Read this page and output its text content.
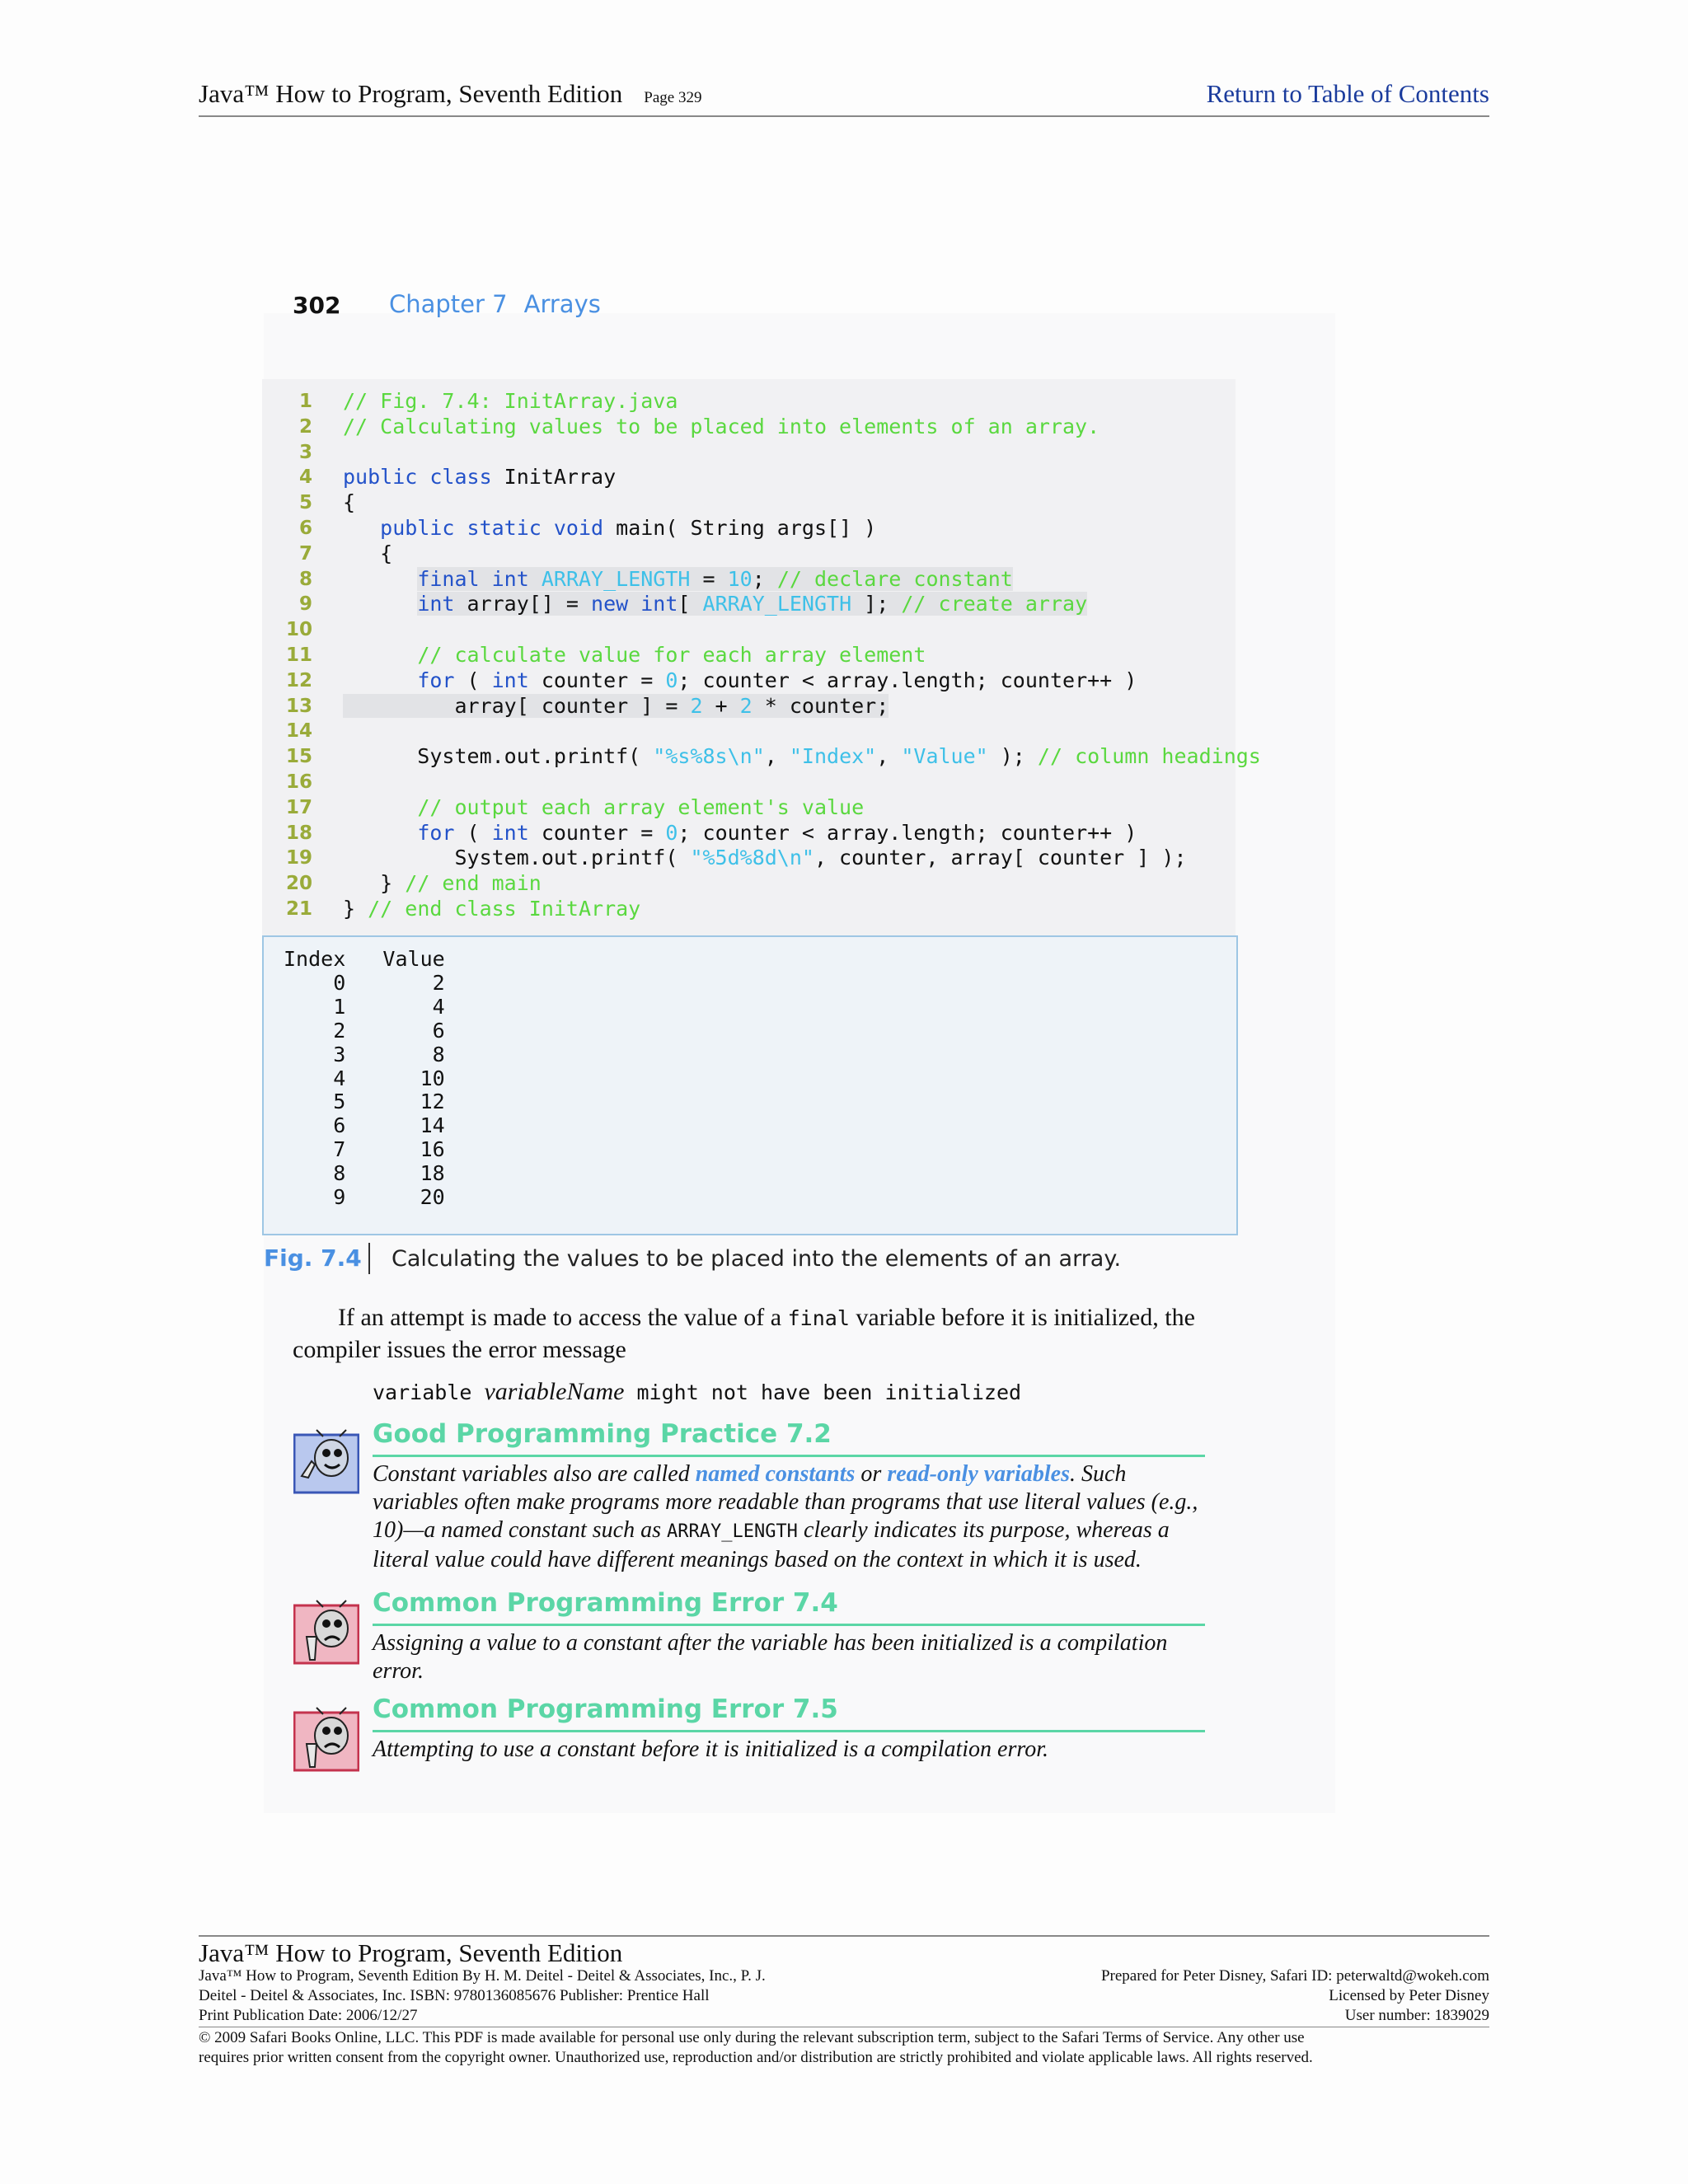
Java™ How to Program, Seventh Edition Page 329	Return to Table of Contents
302 Chapter 7 Arrays
1 // Fig. 7.4: InitArray.java
2 // Calculating values to be placed into elements of an array.
3
4 public class InitArray
5 {
6	public static void main( String args[] )
7 {
8	final int ARRAY_LENGTH = 10; // declare constant
9	int array[] = new int[ ARRAY_LENGTH ]; // create array
10
11	// calculate value for each array element
12	for ( int counter = 0; counter < array.length; counter++ )
13 array[ counter ] = 2 + 2 * counter;
14
15 System.out.printf( "%s%8s\n", "Index", "Value" ); // column headings
16
17	// output each array element's value
18	for ( int counter = 0; counter < array.length; counter++ )
19 System.out.printf( "%5d%8d\n", counter, array[ counter ] );
20 } // end main
21 } // end class InitArray
Index   Value
0       2
1       4
2       6
3       8
4      10
5      12
6      14
7      16
8      18
9      20
Fig. 7.4 Calculating the values to be placed into the elements of an array.

If an attempt is made to access the value of a final variable before it is initialized, the compiler issues the error message

variable variableName might not have been initialized
Good Programming Practice 7.2

Constant variables also are called named constants or read-only variables. Such variables often make programs more readable than programs that use literal values (e.g., 10)—a named constant such as ARRAY_LENGTH clearly indicates its purpose, whereas a literal value could have different meanings based on the context in which it is used.

Common Programming Error 7.4

Assigning a value to a constant after the variable has been initialized is a compilation error.

Common Programming Error 7.5

Attempting to use a constant before it is initialized is a compilation error.

Java™ How to Program, Seventh Edition
Java™ How to Program, Seventh Edition By H. M. Deitel - Deitel & Associates, Inc., P. J.
Deitel - Deitel & Associates, Inc. ISBN: 9780136085676 Publisher: Prentice Hall
Print Publication Date: 2006/12/27
Prepared for Peter Disney, Safari ID: peterwaltd@wokeh.com
Licensed by Peter Disney
User number: 1839029
© 2009 Safari Books Online, LLC. This PDF is made available for personal use only during the relevant subscription term, subject to the Safari Terms of Service. Any other use
requires prior written consent from the copyright owner. Unauthorized use, reproduction and/or distribution are strictly prohibited and violate applicable laws. All rights reserved.
